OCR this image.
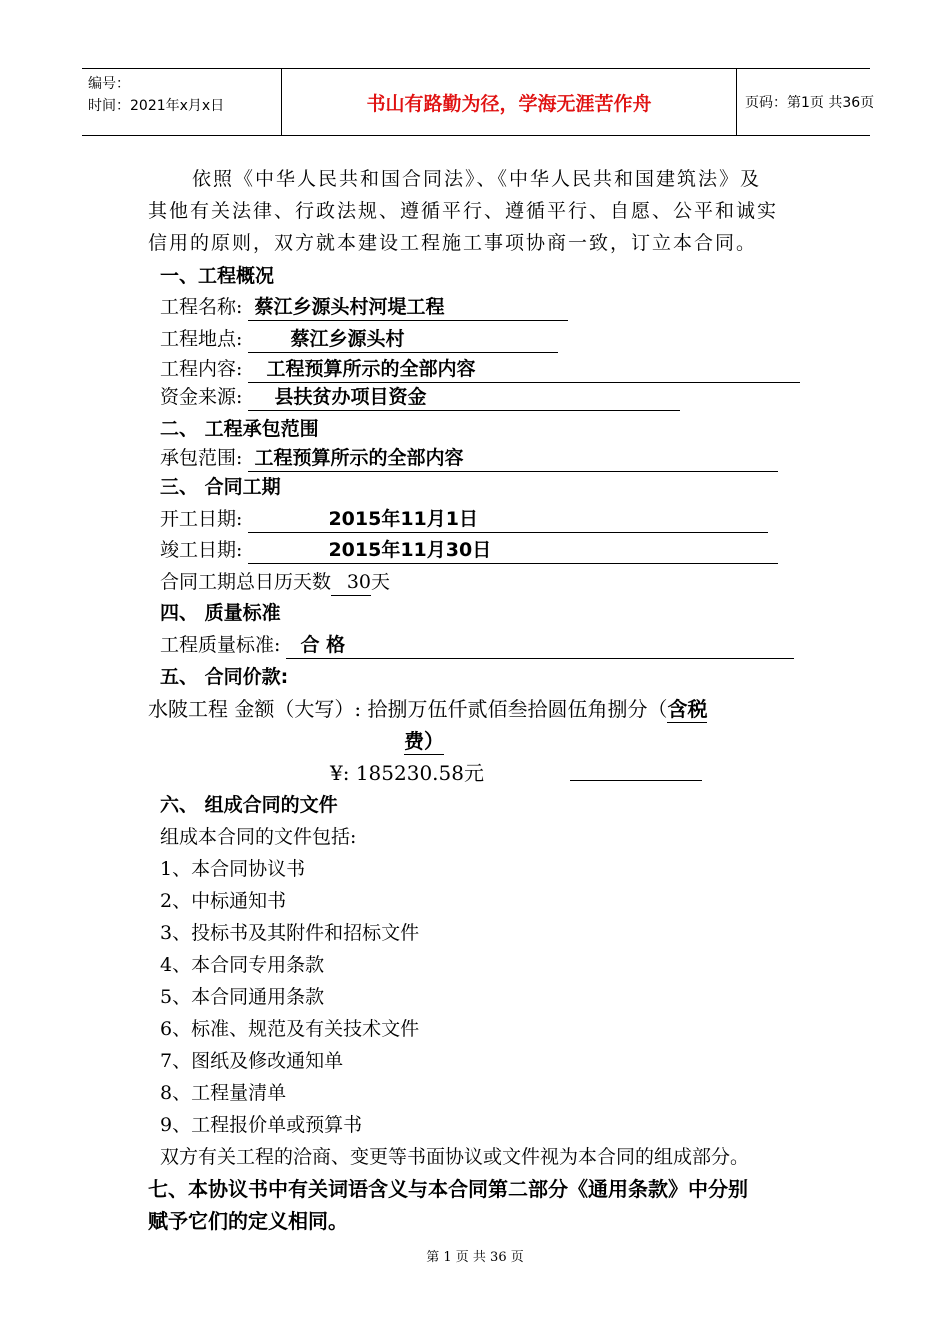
编号：
时间：2021年x月x日	书山有路勤为径，学海无涯苦作舟	页码：第1页 共36页
依照《中华人民共和国合同法》、《中华人民共和国建筑法》及
其他有关法律、行政法规、遵循平行、遵循平行、自愿、公平和诚实
信用的原则，双方就本建设工程施工事项协商一致，订立本合同。
一、工程概况
工程名称: 蔡江乡源头村河堤工程
工程地点:	蔡江乡源头村
工程内容: 工程预算所示的全部内容
资金来源: 县扶贫办项目资金
二、 工程承包范围
承包范围: 工程预算所示的全部内容
三、 合同工期
开工日期:	2015年11月1日
竣工日期:	2015年11月30日
合同工期总日历天数 30天
四、 质量标准
工程质量标准: 合 格
五、 合同价款:
水陂工程 金额（大写）: 拾捌万伍仟贰佰叁拾圆伍角捌分（含税
费）
¥: 185230.58元
六、 组成合同的文件
组成本合同的文件包括:
1、本合同协议书
2、中标通知书
3、投标书及其附件和招标文件
4、本合同专用条款
5、本合同通用条款
6、标准、规范及有关技术文件
7、图纸及修改通知单
8、工程量清单
9、工程报价单或预算书
双方有关工程的洽商、变更等书面协议或文件视为本合同的组成部分。
七、本协议书中有关词语含义与本合同第二部分《通用条款》中分别
赋予它们的定义相同。
第 1 页 共 36 页
